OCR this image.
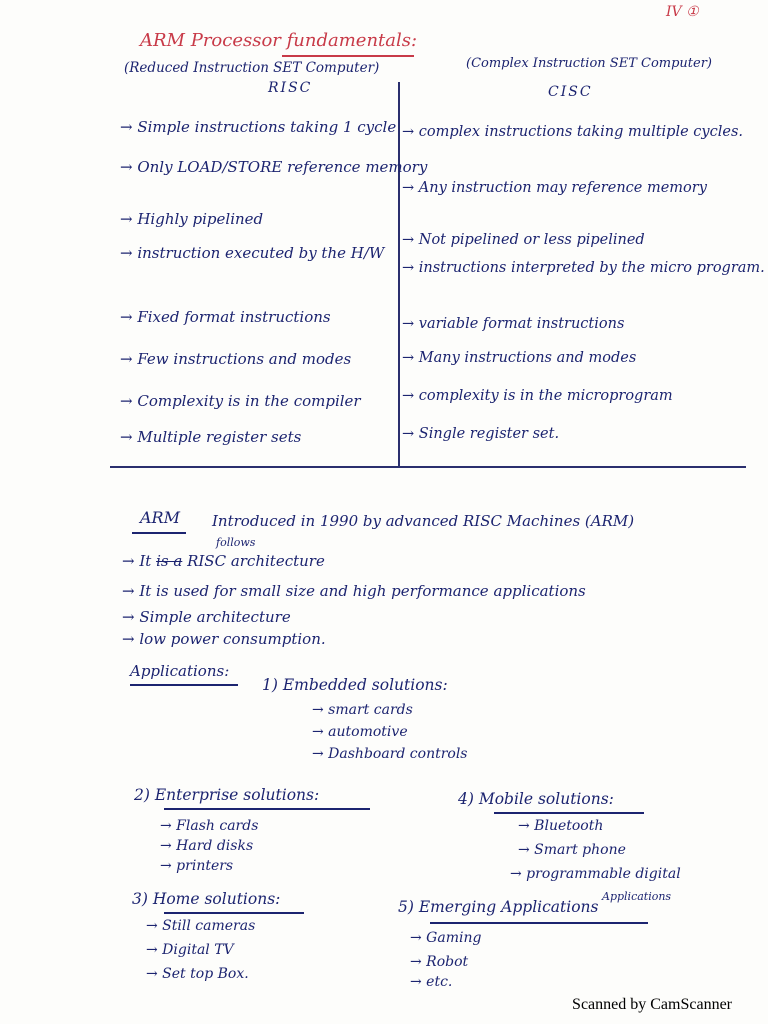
IV ①
ARM Processor fundamentals:
(Reduced Instruction SET Computer)
RISC
(Complex Instruction SET Computer)
CISC
→ Simple instructions taking 1 cycle
→ Only LOAD/STORE reference memory
→ Highly pipelined
→ instruction executed by the H/W
→ Fixed format instructions
→ Few instructions and modes
→ Complexity is in the compiler
→ Multiple register sets
→ complex instructions taking multiple cycles.
→ Any instruction may reference memory
→ Not pipelined or less pipelined
→ instructions interpreted by the micro program.
→ variable format instructions
→ Many instructions and modes
→ complexity is in the microprogram
→ Single register set.
ARM Introduced in 1990 by advanced RISC Machines (ARM)
→ It is a RISC architecture
follows
→ It is used for small size and high performance applications
→ Simple architecture
→ low power consumption.
Applications:
1) Embedded solutions:
→ smart cards
→ automotive
→ Dashboard controls
2) Enterprise solutions:
→ Flash cards
→ Hard disks
→ printers
4) Mobile solutions:
→ Bluetooth
→ Smart phone
→ programmable digital
3) Home solutions:
→ Still cameras
→ Digital TV
→ Set top Box.
Applications
5) Emerging Applications
→ Gaming
→ Robot
→ etc.
Scanned by CamScanner
